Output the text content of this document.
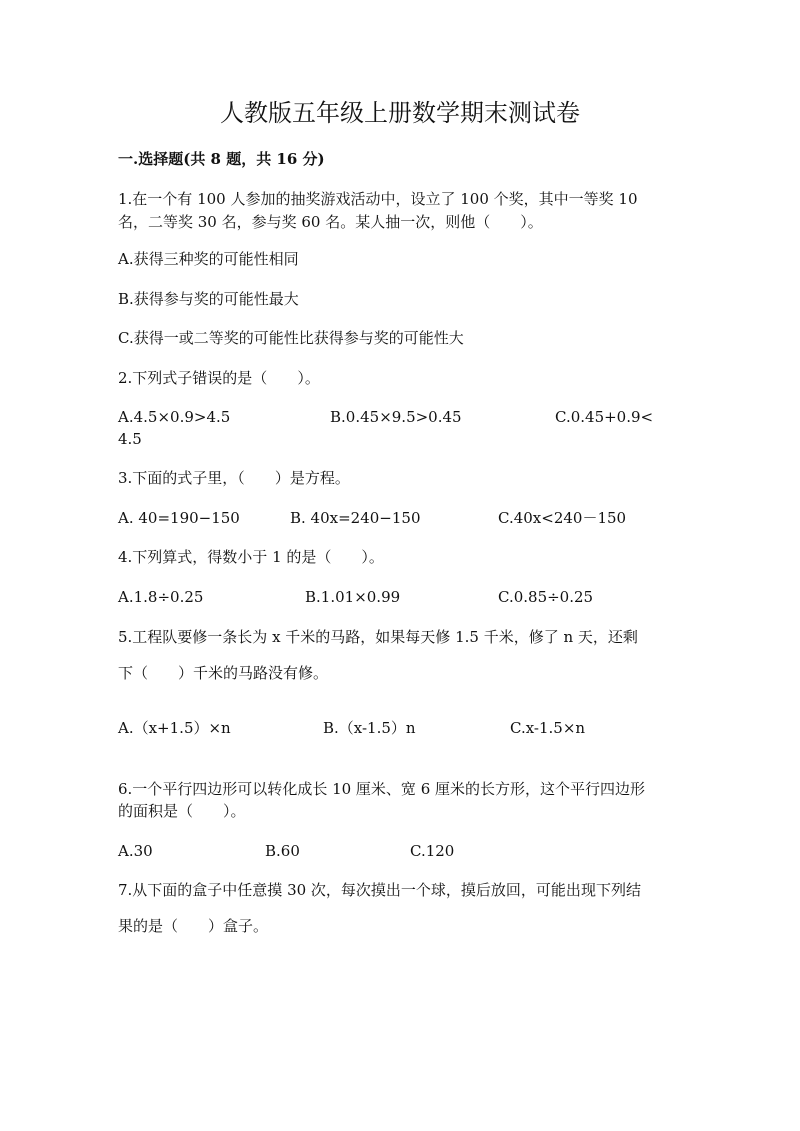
人教版五年级上册数学期末测试卷
一.选择题(共 8 题，共 16 分)
1.在一个有 100 人参加的抽奖游戏活动中，设立了 100 个奖，其中一等奖 10
名，二等奖 30 名，参与奖 60 名。某人抽一次，则他（　　）。
A.获得三种奖的可能性相同
B.获得参与奖的可能性最大
C.获得一或二等奖的可能性比获得参与奖的可能性大
2.下列式子错误的是（　　）。
A.4.5×0.9>4.5	B.0.45×9.5>0.45	C.0.45+0.9<
4.5
3.下面的式子里，（　　）是方程。
A. 40=190−150	B. 40x=240−150	C.40x<240－150
4.下列算式，得数小于 1 的是（　　）。
A.1.8÷0.25	B.1.01×0.99	C.0.85÷0.25
5.工程队要修一条长为 x 千米的马路，如果每天修 1.5 千米，修了 n 天，还剩
下（　　）千米的马路没有修。
A.（x+1.5）×n	B.（x-1.5）n	C.x-1.5×n
6.一个平行四边形可以转化成长 10 厘米、宽 6 厘米的长方形，这个平行四边形
的面积是（　　）。
A.30	B.60	C.120
7.从下面的盒子中任意摸 30 次，每次摸出一个球，摸后放回，可能出现下列结
果的是（　　）盒子。
